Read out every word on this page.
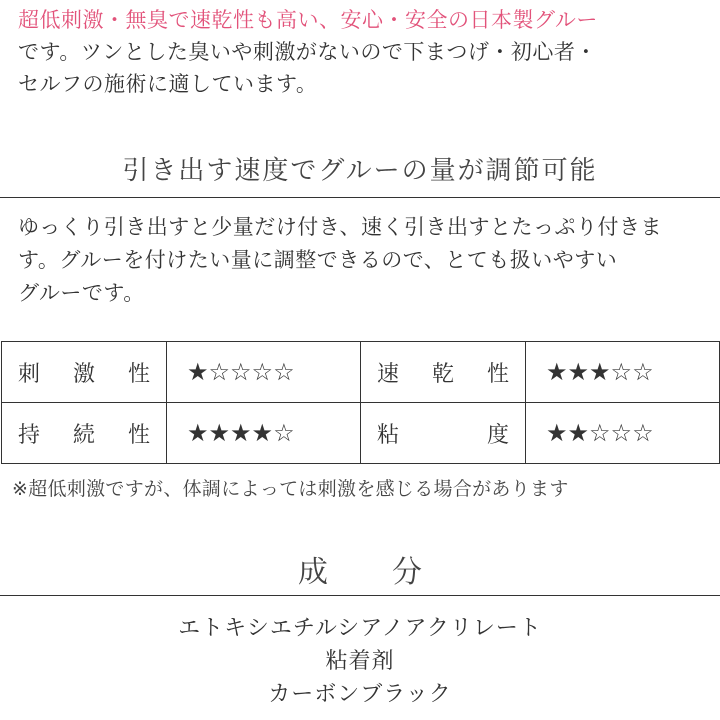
超低刺激・無臭で速乾性も高い、安心・安全の日本製グルー
です。ツンとした臭いや刺激がないので下まつげ・初心者・
セルフの施術に適しています。
引き出す速度でグルーの量が調節可能
ゆっくり引き出すと少量だけ付き、速く引き出すとたっぷり付きま
す。グルーを付けたい量に調整できるので、とても扱いやすい
グルーです。
刺 激 性	★☆☆☆☆	速 乾 性	★★★☆☆

持 続 性	★★★★☆	粘 度	★★☆☆☆
※超低刺激ですが、体調によっては刺激を感じる場合があります
成 分
エトキシエチルシアノアクリレート
粘着剤
カーボンブラック
